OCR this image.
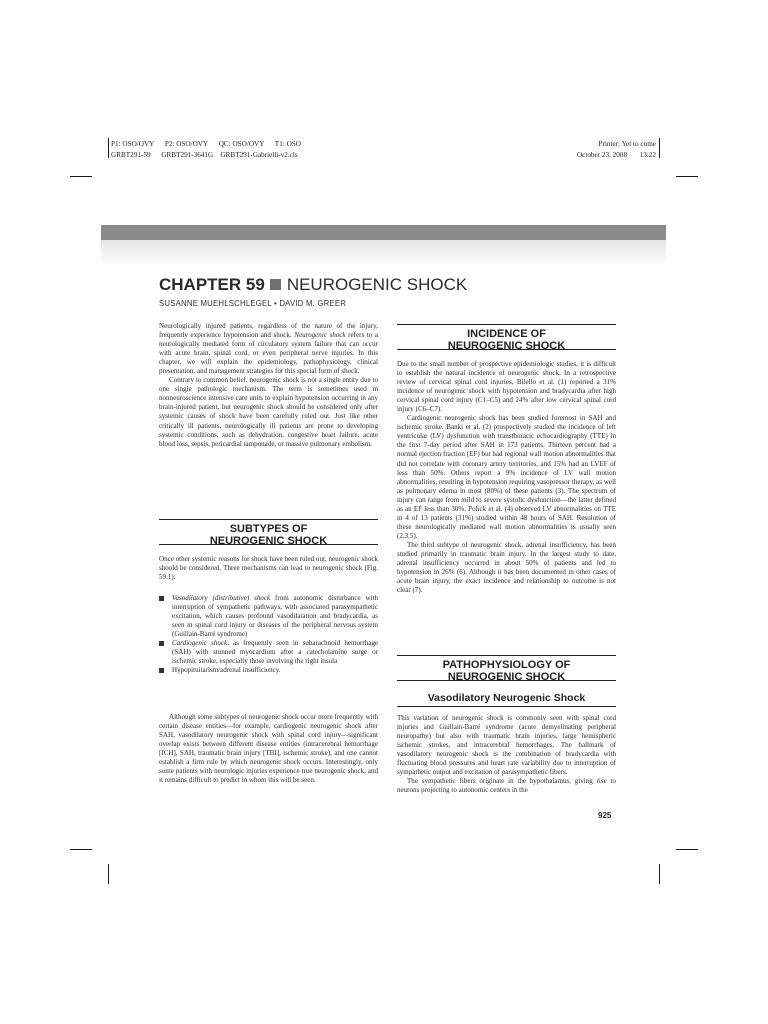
P1: OSO/OVY      P2: OSO/OVY      QC: OSO/OVY      T1: OSO
GRBT291-59      GRBT291-3641G    GRBT291-Gabrielli-v2.cls
Printer: Yet to come
October 23, 2008       13:22
CHAPTER 59 NEUROGENIC SHOCK
SUSANNE MUEHLSCHLEGEL • DAVID M. GREER

Neurologically injured patients, regardless of the nature of the injury, frequently experience hypotension and shock. Neurogenic shock refers to a neurologically mediated form of circulatory system failure that can occur with acute brain, spinal cord, or even peripheral nerve injuries. In this chapter, we will explain the epidemiology, pathophysiology, clinical presentation, and management strategies for this special form of shock.

Contrary to common belief, neurogenic shock is not a single entity due to one single pathologic mechanism. The term is sometimes used in nonneuroscience intensive care units to explain hypotension occurring in any brain-injured patient, but neurogenic shock should be considered only after systemic causes of shock have been carefully ruled out. Just like other critically ill patients, neurologically ill patients are prone to developing systemic conditions, such as dehydration, congestive heart failure, acute blood loss, sepsis, pericardial tamponade, or massive pulmonary embolism.

SUBTYPES OF
NEUROGENIC SHOCK

Once other systemic reasons for shock have been ruled out, neurogenic shock should be considered. Three mechanisms can lead to neurogenic shock (Fig. 59.1):

Vasodilatory (distributive) shock from autonomic disturbance with interruption of sympathetic pathways, with associated parasympathetic excitation, which causes profound vasodilatation and bradycardia, as seen in spinal cord injury or diseases of the peripheral nervous system (Guillain-Barré syndrome)
Cardiogenic shock, as frequently seen in subarachnoid hemorrhage (SAH) with stunned myocardium after a catecholamine surge or ischemic stroke, especially those involving the right insula
Hypopituitarism/adrenal insufficiency.

Although some subtypes of neurogenic shock occur more frequently with certain disease entities—for example, cardiogenic neurogenic shock after SAH, vasodilatory neurogenic shock with spinal cord injury—significant overlap exists between different disease entities (intracerebral hemorrhage [ICH], SAH, traumatic brain injury [TBI], ischemic stroke), and one cannot establish a firm rule by which neurogenic shock occurs. Interestingly, only some patients with neurologic injuries experience true neurogenic shock, and it remains difficult to predict in whom this will be seen.

INCIDENCE OF
NEUROGENIC SHOCK

Due to the small number of prospective epidemiologic studies, it is difficult to establish the natural incidence of neurogenic shock. In a retrospective review of cervical spinal cord injuries, Bilello et al. (1) reported a 31% incidence of neurogenic shock with hypotension and bradycardia after high cervical spinal cord injury (C1–C5) and 24% after low cervical spinal cord injury (C6–C7).

Cardiogenic neurogenic shock has been studied foremost in SAH and ischemic stroke. Banki et al. (2) prospectively studied the incidence of left ventricular (LV) dysfunction with transthoracic echocardiography (TTE) in the first 7-day period after SAH in 173 patients. Thirteen percent had a normal ejection fraction (EF) but had regional wall motion abnormalities that did not correlate with coronary artery territories, and 15% had an LVEF of less than 50%. Others report a 9% incidence of LV wall motion abnormalities, resulting in hypotension requiring vasopressor therapy, as well as pulmonary edema in most (80%) of these patients (3). The spectrum of injury can range from mild to severe systolic dysfunction—the latter defined as an EF less than 30%. Polick et al. (4) observed LV abnormalities on TTE in 4 of 13 patients (31%) studied within 48 hours of SAH. Resolution of these neurologically mediated wall motion abnormalities is usually seen (2,3,5).

The third subtype of neurogenic shock, adrenal insufficiency, has been studied primarily in traumatic brain injury. In the largest study to date, adrenal insufficiency occurred in about 50% of patients and led to hypotension in 26% (6). Although it has been documented in other cases of acute brain injury, the exact incidence and relationship to outcome is not clear (7).

PATHOPHYSIOLOGY OF
NEUROGENIC SHOCK
Vasodilatory Neurogenic Shock

This variation of neurogenic shock is commonly seen with spinal cord injuries and Guillain-Barré syndrome (acute demyelinating peripheral neuropathy) but also with traumatic brain injuries, large hemispheric ischemic strokes, and intracerebral hemorrhages. The hallmark of vasodilatory neurogenic shock is the combination of bradycardia with fluctuating blood pressures and heart rate variability due to interruption of sympathetic output and excitation of parasympathetic fibers.

The sympathetic fibers originate in the hypothalamus, giving rise to neurons projecting to autonomic centers in the

925
